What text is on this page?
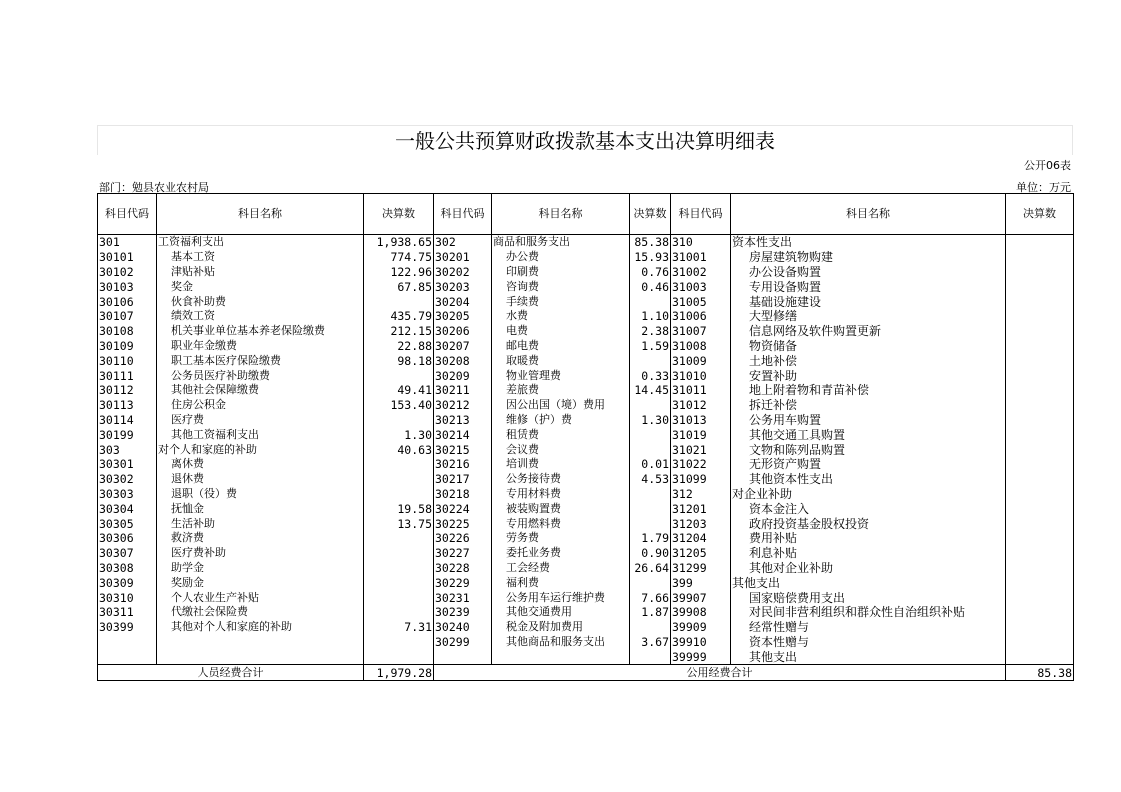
一般公共预算财政拨款基本支出决算明细表
公开06表
部门：勉县农业农村局	单位：万元
科目代码	科目名称	决算数	科目代码	科目名称	决算数	科目代码	科目名称	决算数
301	工资福利支出	1,938.65	302	商品和服务支出	85.38	310	资本性支出	
30101	基本工资	774.75	30201	办公费	15.93	31001	房屋建筑物购建	
30102	津贴补贴	122.96	30202	印刷费	0.76	31002	办公设备购置	
30103	奖金	67.85	30203	咨询费	0.46	31003	专用设备购置	
30106	伙食补助费		30204	手续费		31005	基础设施建设	
30107	绩效工资	435.79	30205	水费	1.10	31006	大型修缮	
30108	机关事业单位基本养老保险缴费	212.15	30206	电费	2.38	31007	信息网络及软件购置更新	
30109	职业年金缴费	22.88	30207	邮电费	1.59	31008	物资储备	
30110	职工基本医疗保险缴费	98.18	30208	取暖费		31009	土地补偿	
30111	公务员医疗补助缴费		30209	物业管理费	0.33	31010	安置补助	
30112	其他社会保障缴费	49.41	30211	差旅费	14.45	31011	地上附着物和青苗补偿	
30113	住房公积金	153.40	30212	因公出国（境）费用		31012	拆迁补偿	
30114	医疗费		30213	维修（护）费	1.30	31013	公务用车购置	
30199	其他工资福利支出	1.30	30214	租赁费		31019	其他交通工具购置	
303	对个人和家庭的补助	40.63	30215	会议费		31021	文物和陈列品购置	
30301	离休费		30216	培训费	0.01	31022	无形资产购置	
30302	退休费		30217	公务接待费	4.53	31099	其他资本性支出	
30303	退职（役）费		30218	专用材料费		312	对企业补助	
30304	抚恤金	19.58	30224	被装购置费		31201	资本金注入	
30305	生活补助	13.75	30225	专用燃料费		31203	政府投资基金股权投资	
30306	救济费		30226	劳务费	1.79	31204	费用补贴	
30307	医疗费补助		30227	委托业务费	0.90	31205	利息补贴	
30308	助学金		30228	工会经费	26.64	31299	其他对企业补助	
30309	奖励金		30229	福利费		399	其他支出	
30310	个人农业生产补贴		30231	公务用车运行维护费	7.66	39907	国家赔偿费用支出	
30311	代缴社会保险费		30239	其他交通费用	1.87	39908	对民间非营利组织和群众性自治组织补贴	
30399	其他对个人和家庭的补助	7.31	30240	税金及附加费用		39909	经常性赠与	
			30299	其他商品和服务支出	3.67	39910	资本性赠与	
						39999	其他支出	
人员经费合计		1,979.28	公用经费合计					85.38
